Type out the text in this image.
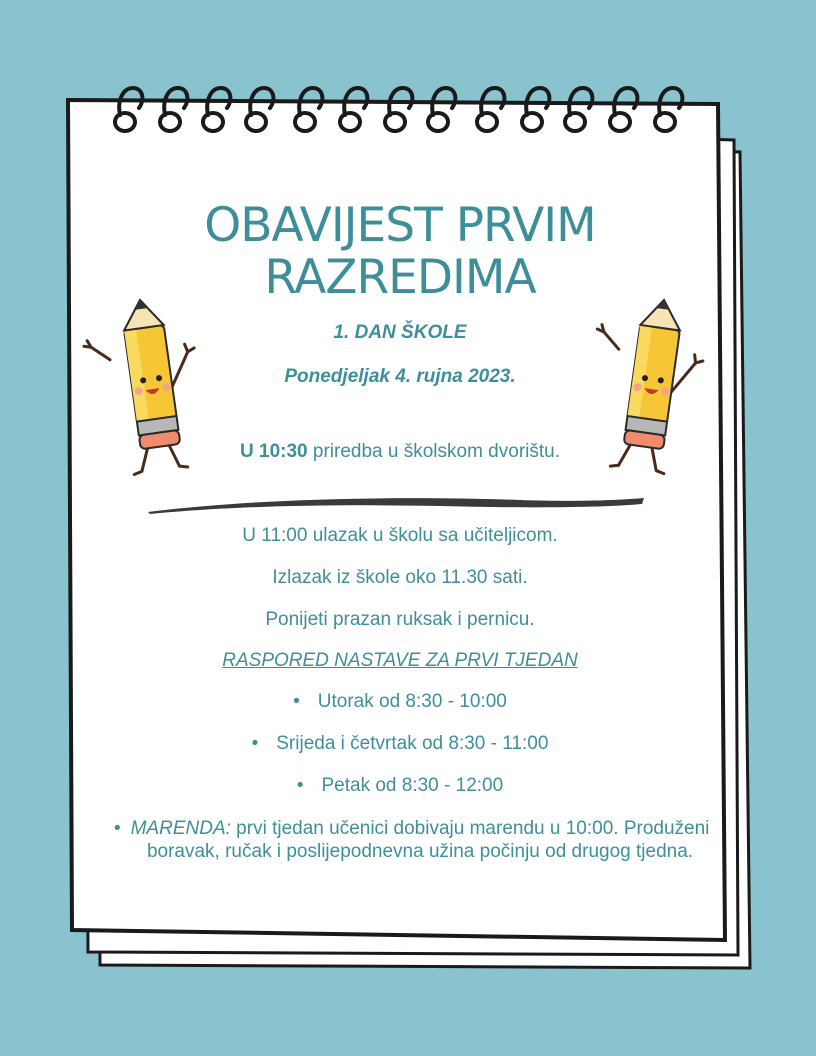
OBAVIJEST PRVIM
RAZREDIMA
1. DAN ŠKOLE
Ponedjeljak 4. rujna 2023.
U 10:30 priredba u školskom dvorištu.
U 11:00 ulazak u školu sa učiteljicom.
Izlazak iz škole oko 11.30 sati.
Ponijeti prazan ruksak i pernicu.
RASPORED NASTAVE ZA PRVI TJEDAN
• Utorak od 8:30 - 10:00
• Srijeda i četvrtak od 8:30 - 11:00
• Petak od 8:30 - 12:00
• MARENDA: prvi tjedan učenici dobivaju marendu u 10:00. Produženi boravak, ručak i poslijepodnevna užina počinju od drugog tjedna.
